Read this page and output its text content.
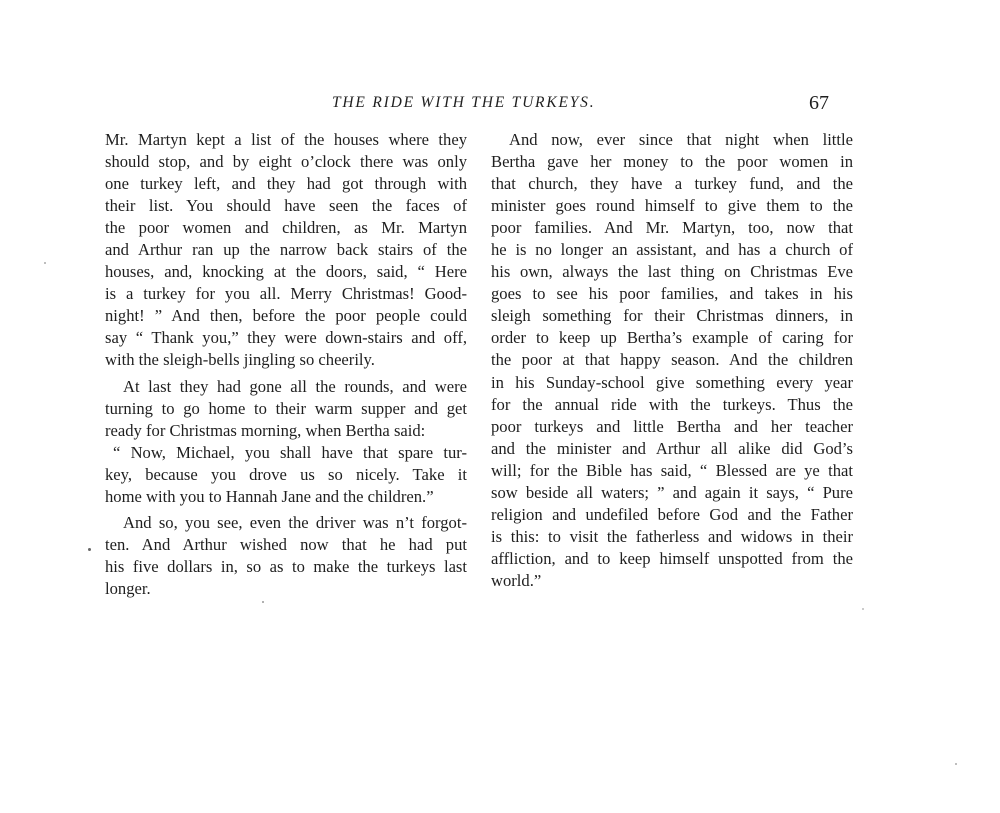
THE RIDE WITH THE TURKEYS.	67
Mr. Martyn kept a list of the houses where they
should stop, and by eight o’clock there was only
one turkey left, and they had got through with
their list. You should have seen the faces of
the poor women and children, as Mr. Martyn
and Arthur ran up the narrow back stairs of the
houses, and, knocking at the doors, said, “ Here
is a turkey for you all. Merry Christmas! Good-
night! ” And then, before the poor people could
say “ Thank you,” they were down-stairs and off,
with the sleigh-bells jingling so cheerily.
At last they had gone all the rounds, and were
turning to go home to their warm supper and get
ready for Christmas morning, when Bertha said:
“ Now, Michael, you shall have that spare tur-
key, because you drove us so nicely. Take it
home with you to Hannah Jane and the children.”
And so, you see, even the driver was n’t forgot-
ten. And Arthur wished now that he had put
his five dollars in, so as to make the turkeys last
longer.
And now, ever since that night when little
Bertha gave her money to the poor women in
that church, they have a turkey fund, and the
minister goes round himself to give them to the
poor families. And Mr. Martyn, too, now that
he is no longer an assistant, and has a church of
his own, always the last thing on Christmas Eve
goes to see his poor families, and takes in his
sleigh something for their Christmas dinners, in
order to keep up Bertha’s example of caring for
the poor at that happy season. And the children
in his Sunday-school give something every year
for the annual ride with the turkeys. Thus the
poor turkeys and little Bertha and her teacher
and the minister and Arthur all alike did God’s
will; for the Bible has said, “ Blessed are ye that
sow beside all waters; ” and again it says, “ Pure
religion and undefiled before God and the Father
is this: to visit the fatherless and widows in their
affliction, and to keep himself unspotted from the
world.”
